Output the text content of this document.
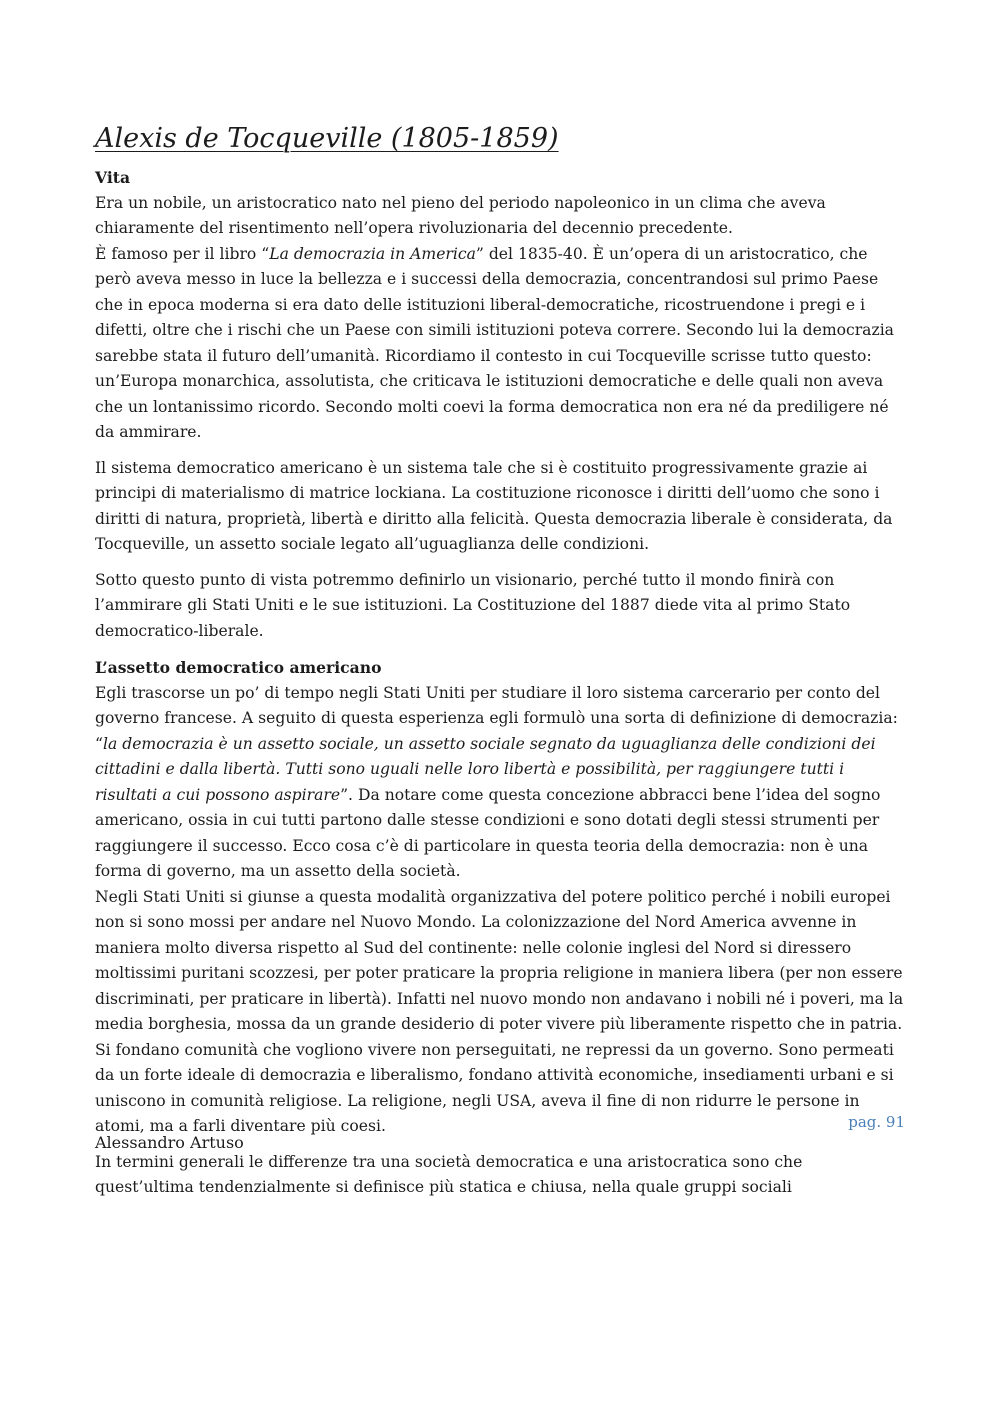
Alexis de Tocqueville (1805-1859)
Vita

Era un nobile, un aristocratico nato nel pieno del periodo napoleonico in un clima che aveva chiaramente del risentimento nell’opera rivoluzionaria del decennio precedente.

È famoso per il libro “La democrazia in America” del 1835-40. È un’opera di un aristocratico, che però aveva messo in luce la bellezza e i successi della democrazia, concentrandosi sul primo Paese che in epoca moderna si era dato delle istituzioni liberal-democratiche, ricostruendone i pregi e i difetti, oltre che i rischi che un Paese con simili istituzioni poteva correre. Secondo lui la democrazia sarebbe stata il futuro dell’umanità. Ricordiamo il contesto in cui Tocqueville scrisse tutto questo: un’Europa monarchica, assolutista, che criticava le istituzioni democratiche e delle quali non aveva che un lontanissimo ricordo. Secondo molti coevi la forma democratica non era né da prediligere né da ammirare.

Il sistema democratico americano è un sistema tale che si è costituito progressivamente grazie ai principi di materialismo di matrice lockiana. La costituzione riconosce i diritti dell’uomo che sono i diritti di natura, proprietà, libertà e diritto alla felicità. Questa democrazia liberale è considerata, da Tocqueville, un assetto sociale legato all’uguaglianza delle condizioni.

Sotto questo punto di vista potremmo definirlo un visionario, perché tutto il mondo finirà con l’ammirare gli Stati Uniti e le sue istituzioni. La Costituzione del 1887 diede vita al primo Stato democratico-liberale.

L’assetto democratico americano

Egli trascorse un po’ di tempo negli Stati Uniti per studiare il loro sistema carcerario per conto del governo francese. A seguito di questa esperienza egli formulò una sorta di definizione di democrazia: “la democrazia è un assetto sociale, un assetto sociale segnato da uguaglianza delle condizioni dei cittadini e dalla libertà. Tutti sono uguali nelle loro libertà e possibilità, per raggiungere tutti i risultati a cui possono aspirare”. Da notare come questa concezione abbracci bene l’idea del sogno americano, ossia in cui tutti partono dalle stesse condizioni e sono dotati degli stessi strumenti per raggiungere il successo. Ecco cosa c’è di particolare in questa teoria della democrazia: non è una forma di governo, ma un assetto della società.

Negli Stati Uniti si giunse a questa modalità organizzativa del potere politico perché i nobili europei non si sono mossi per andare nel Nuovo Mondo. La colonizzazione del Nord America avvenne in maniera molto diversa rispetto al Sud del continente: nelle colonie inglesi del Nord si diressero moltissimi puritani scozzesi, per poter praticare la propria religione in maniera libera (per non essere discriminati, per praticare in libertà). Infatti nel nuovo mondo non andavano i nobili né i poveri, ma la media borghesia, mossa da un grande desiderio di poter vivere più liberamente rispetto che in patria. Si fondano comunità che vogliono vivere non perseguitati, ne repressi da un governo. Sono permeati da un forte ideale di democrazia e liberalismo, fondano attività economiche, insediamenti urbani e si uniscono in comunità religiose. La religione, negli USA, aveva il fine di non ridurre le persone in atomi, ma a farli diventare più coesi.

In termini generali le differenze tra una società democratica e una aristocratica sono che quest’ultima tendenzialmente si definisce più statica e chiusa, nella quale gruppi sociali

pag. 91
Alessandro Artuso
